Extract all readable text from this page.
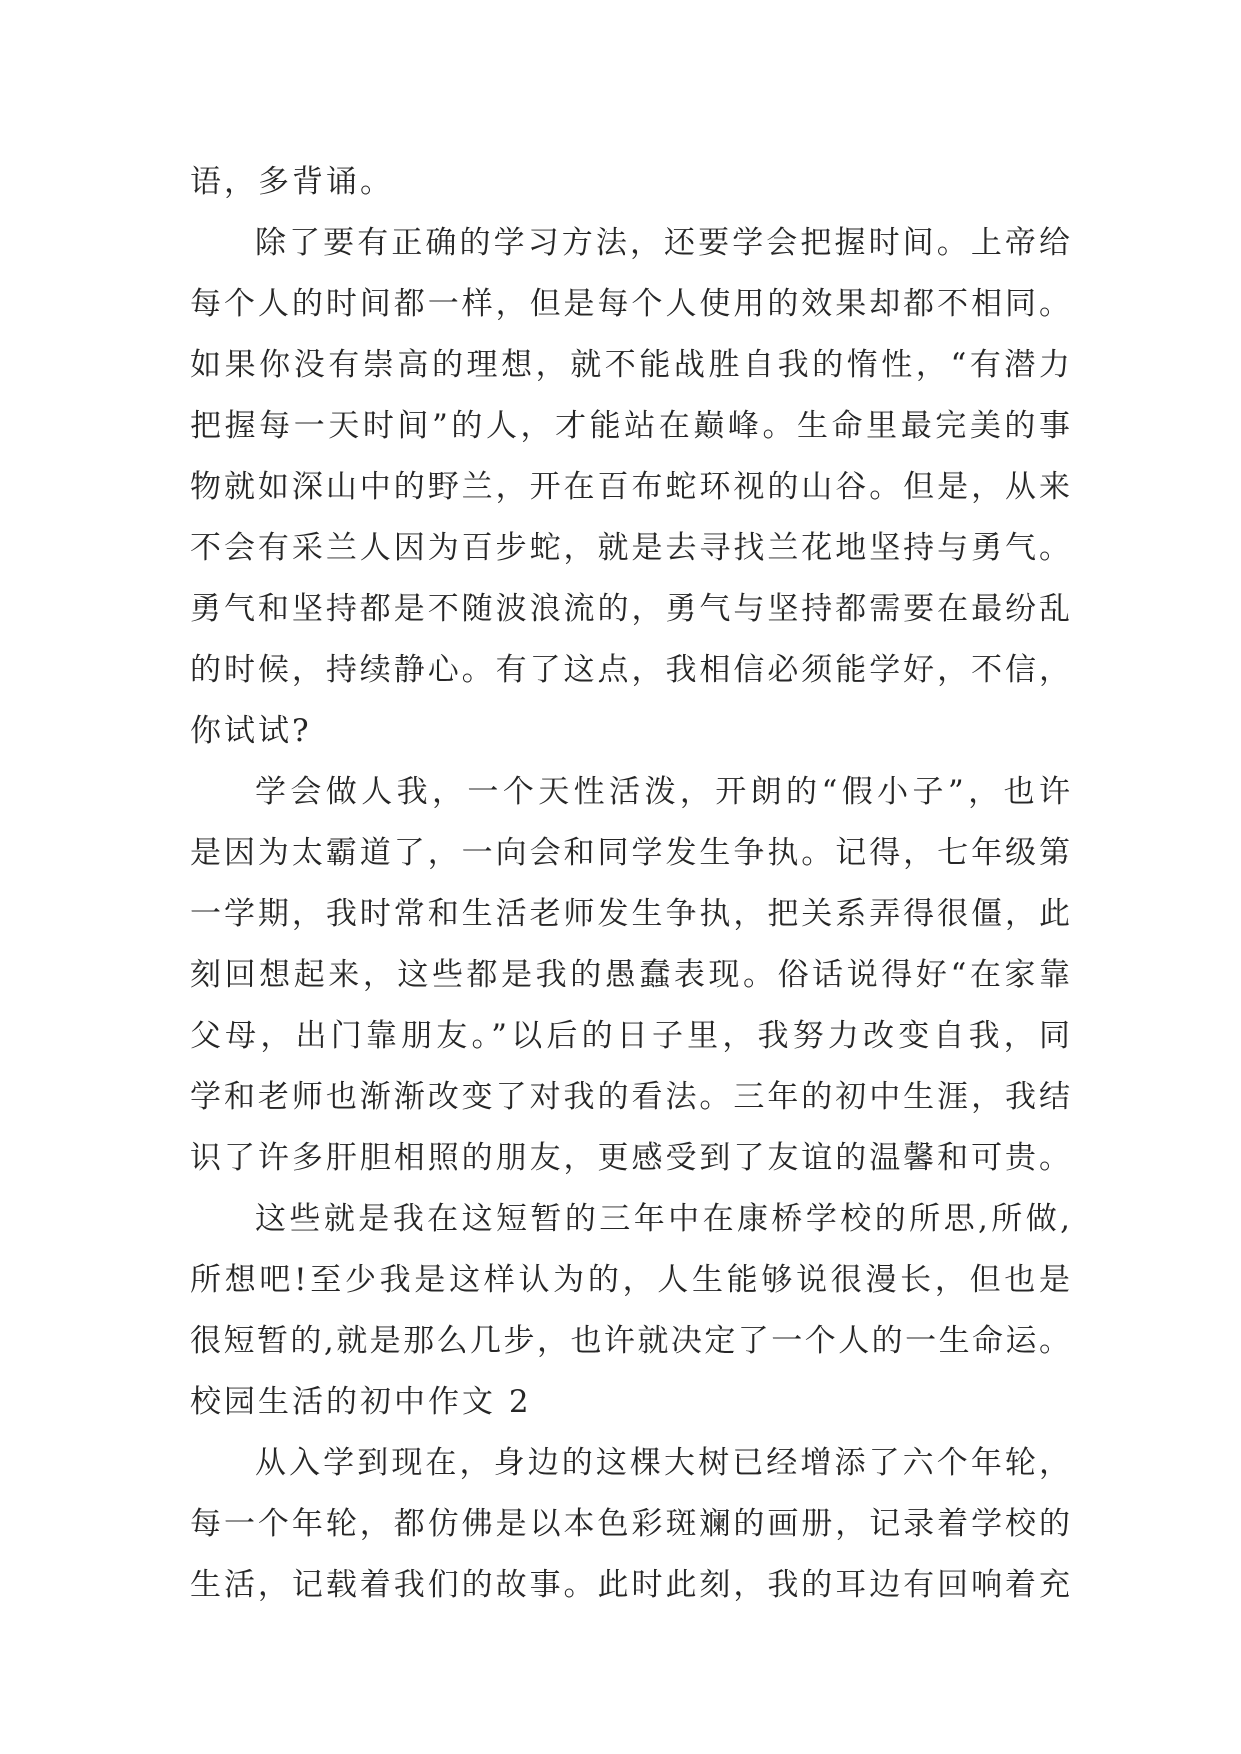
语，多背诵。
除了要有正确的学习方法，还要学会把握时间。上帝给
每个人的时间都一样，但是每个人使用的效果却都不相同。
如果你没有崇高的理想，就不能战胜自我的惰性，“有潜力
把握每一天时间”的人，才能站在巅峰。生命里最完美的事
物就如深山中的野兰，开在百布蛇环视的山谷。但是，从来
不会有采兰人因为百步蛇，就是去寻找兰花地坚持与勇气。
勇气和坚持都是不随波浪流的，勇气与坚持都需要在最纷乱
的时候，持续静心。有了这点，我相信必须能学好，不信，
你试试?
学会做人我，一个天性活泼，开朗的“假小子”，也许
是因为太霸道了，一向会和同学发生争执。记得，七年级第
一学期，我时常和生活老师发生争执，把关系弄得很僵，此
刻回想起来，这些都是我的愚蠢表现。俗话说得好“在家靠
父母，出门靠朋友。”以后的日子里，我努力改变自我，同
学和老师也渐渐改变了对我的看法。三年的初中生涯，我结
识了许多肝胆相照的朋友，更感受到了友谊的温馨和可贵。
这些就是我在这短暂的三年中在康桥学校的所思,所做,
所想吧!至少我是这样认为的，人生能够说很漫长，但也是
很短暂的,就是那么几步，也许就决定了一个人的一生命运。
校园生活的初中作文 2
从入学到现在，身边的这棵大树已经增添了六个年轮，
每一个年轮，都仿佛是以本色彩斑斓的画册，记录着学校的
生活，记载着我们的故事。此时此刻，我的耳边有回响着充
